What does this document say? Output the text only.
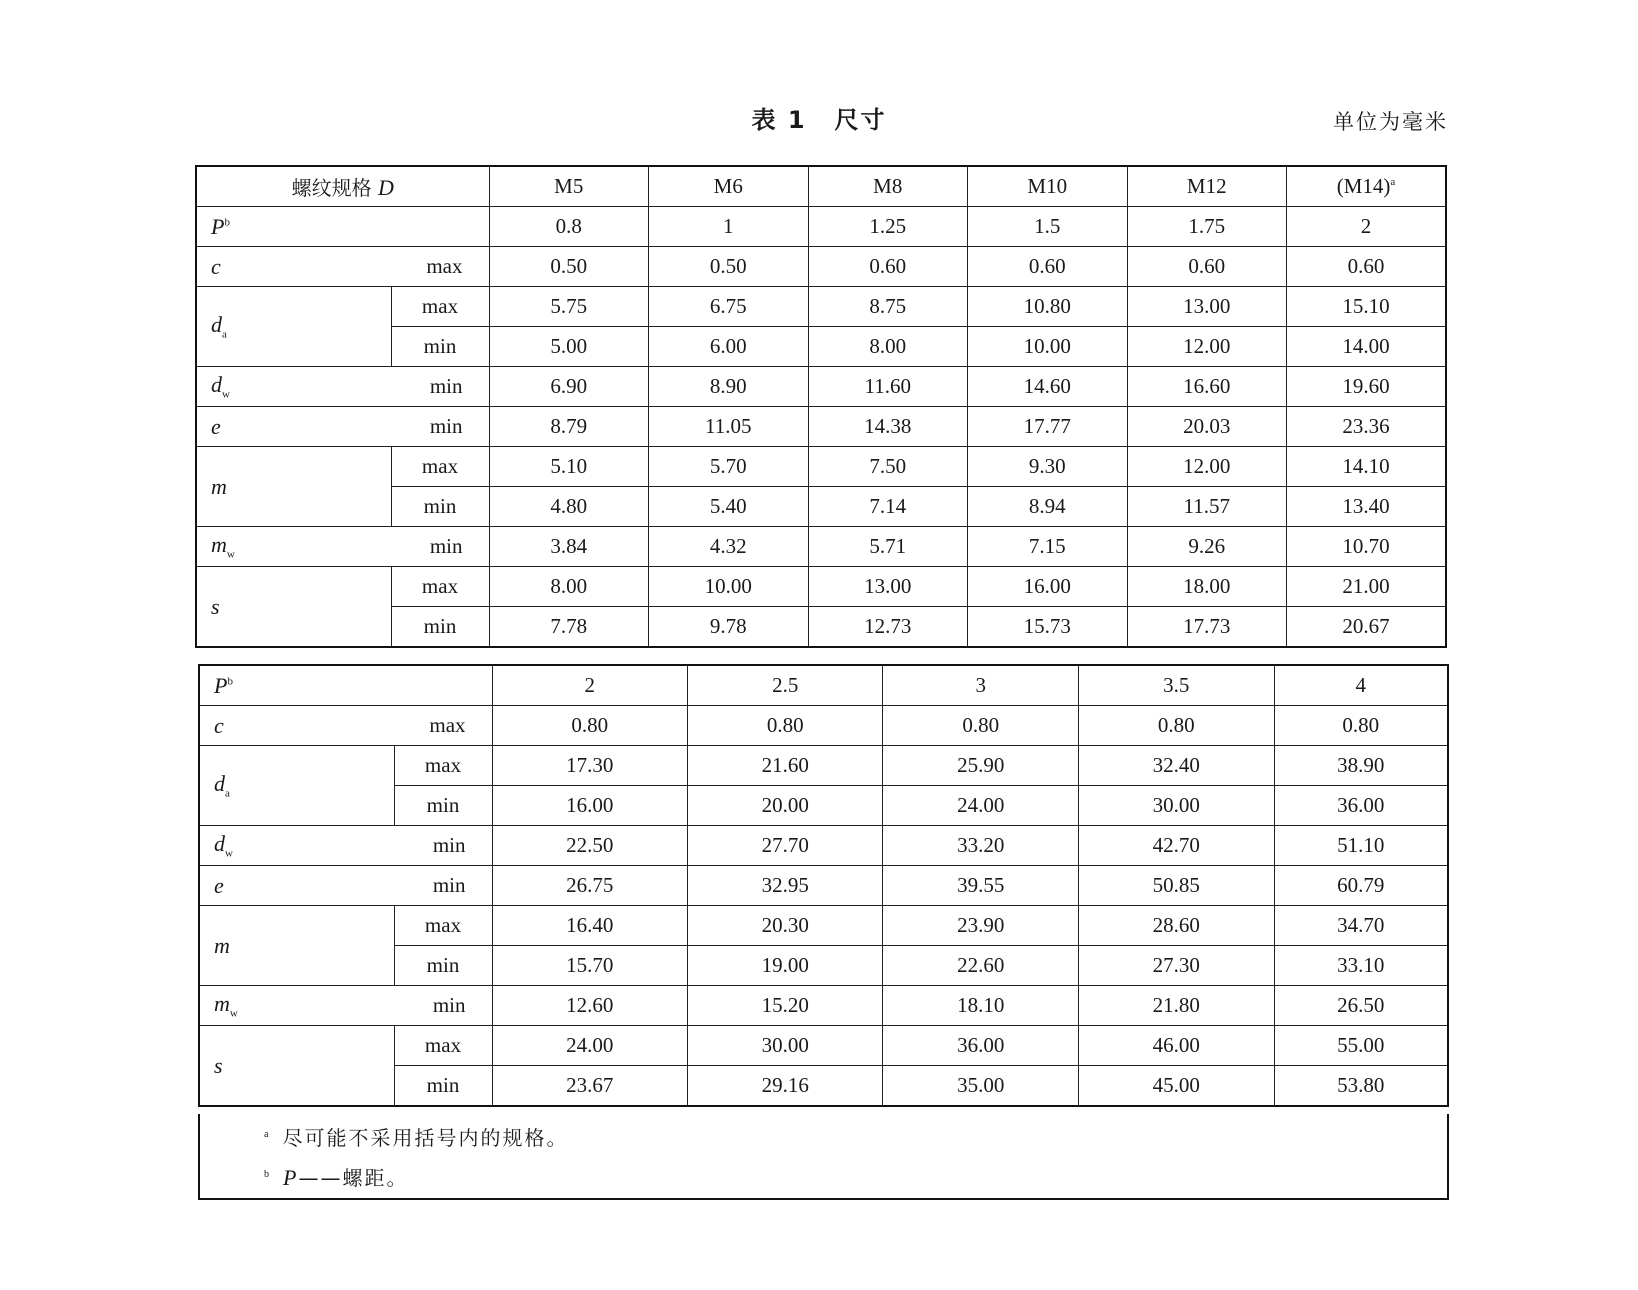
表 1 尺寸	单位为毫米
螺纹规格 D		M5	M6	M8	M10	M12	$(M14)^a$
$P^b$		0.8	1	1.25	1.5	1.75	2
c	max	0.50	0.50	0.60	0.60	0.60	0.60
$d_a$	max	5.75	6.75	8.75	10.80	13.00	15.10
	min	5.00	6.00	8.00	10.00	12.00	14.00
$d_w$	min	6.90	8.90	11.60	14.60	16.60	19.60
e	min	8.79	11.05	14.38	17.77	20.03	23.36
m	max	5.10	5.70	7.50	9.30	12.00	14.10
	min	4.80	5.40	7.14	8.94	11.57	13.40
$m_w$	min	3.84	4.32	5.71	7.15	9.26	10.70
s	max	8.00	10.00	13.00	16.00	18.00	21.00
	min	7.78	9.78	12.73	15.73	17.73	20.67
$P^b$		2	2.5	3	3.5	4
c	max	0.80	0.80	0.80	0.80	0.80
$d_a$	max	17.30	21.60	25.90	32.40	38.90
	min	16.00	20.00	24.00	30.00	36.00
$d_w$	min	22.50	27.70	33.20	42.70	51.10
e	min	26.75	32.95	39.55	50.85	60.79
m	max	16.40	20.30	23.90	28.60	34.70
	min	15.70	19.00	22.60	27.30	33.10
$m_w$	min	12.60	15.20	18.10	21.80	26.50
s	max	24.00	30.00	36.00	46.00	55.00
	min	23.67	29.16	35.00	45.00	53.80
$^a$ 尽可能不采用括号内的规格。
$^b$ P——螺距。
